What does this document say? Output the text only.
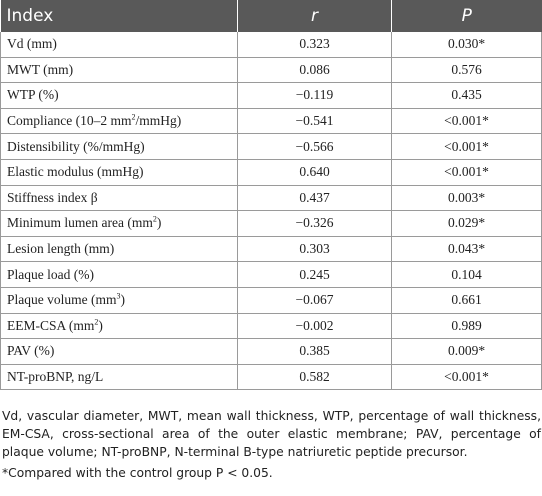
Index	r	P
Vd (mm)	0.323	0.030*
MWT (mm)	0.086	0.576
WTP (%)	−0.119	0.435
Compliance (10–2 $mm^2/mmHg$)	−0.541	<0.001*
Distensibility (%/mmHg)	−0.566	<0.001*
Elastic modulus (mmHg)	0.640	<0.001*
Stiffness index β	0.437	0.003*
Minimum lumen area $(mm^2)$	−0.326	0.029*
Lesion length (mm)	0.303	0.043*
Plaque load (%)	0.245	0.104
Plaque volume $(mm^3)$	−0.067	0.661
EEM-CSA $(mm^2)$	−0.002	0.989
PAV (%)	0.385	0.009*
NT-proBNP, ng/L	0.582	<0.001*

Vd, vascular diameter, MWT, mean wall thickness, WTP, percentage of wall thickness, EM-CSA, cross-sectional area of the outer elastic membrane; PAV, percentage of plaque volume; NT-proBNP, N-terminal B-type natriuretic peptide precursor.

*Compared with the control group P < 0.05.
